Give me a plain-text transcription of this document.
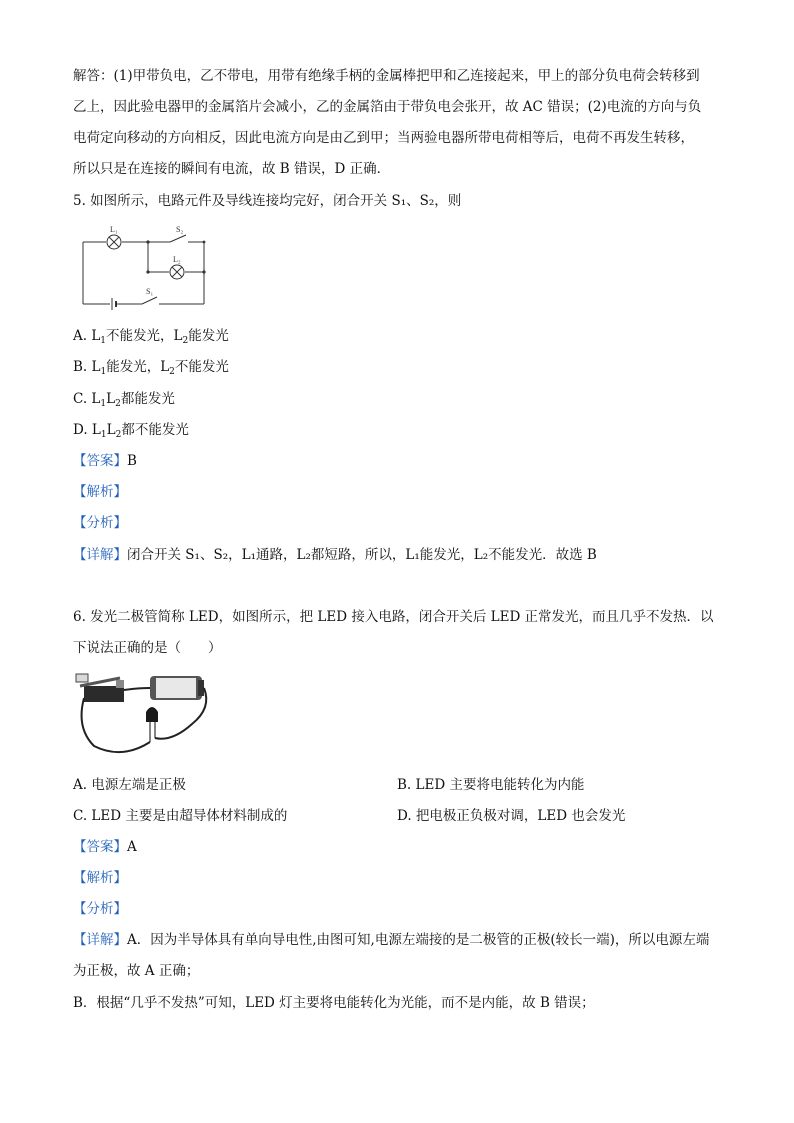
解答：(1)甲带负电，乙不带电，用带有绝缘手柄的金属棒把甲和乙连接起来，甲上的部分负电荷会转移到
乙上，因此验电器甲的金属箔片会减小，乙的金属箔由于带负电会张开，故 AC 错误；(2)电流的方向与负
电荷定向移动的方向相反，因此电流方向是由乙到甲；当两验电器所带电荷相等后，电荷不再发生转移，
所以只是在连接的瞬间有电流，故 B 错误，D 正确．
5. 如图所示，电路元件及导线连接均完好，闭合开关 S₁、S₂，则
L₁	S₂
L₂
S₁
A. $L_1$不能发光，$L_2$能发光
B. $L_1$能发光，$L_2$不能发光
C. $L_1L_2$都能发光
D. $L_1L_2$都不能发光
【答案】B
【解析】
【分析】
【详解】闭合开关 S₁、S₂，L₁通路，L₂都短路，所以，L₁能发光，L₂不能发光．故选 B
6. 发光二极管简称 LED，如图所示，把 LED 接入电路，闭合开关后 LED 正常发光，而且几乎不发热．以
下说法正确的是（　　）
A. 电源左端是正极	B. LED 主要将电能转化为内能
C. LED 主要是由超导体材料制成的	D. 把电极正负极对调，LED 也会发光
【答案】A
【解析】
【分析】
【详解】A．因为半导体具有单向导电性,由图可知,电源左端接的是二极管的正极(较长一端)，所以电源左端
为正极，故 A 正确；
B．根据“几乎不发热”可知，LED 灯主要将电能转化为光能，而不是内能，故 B 错误；
